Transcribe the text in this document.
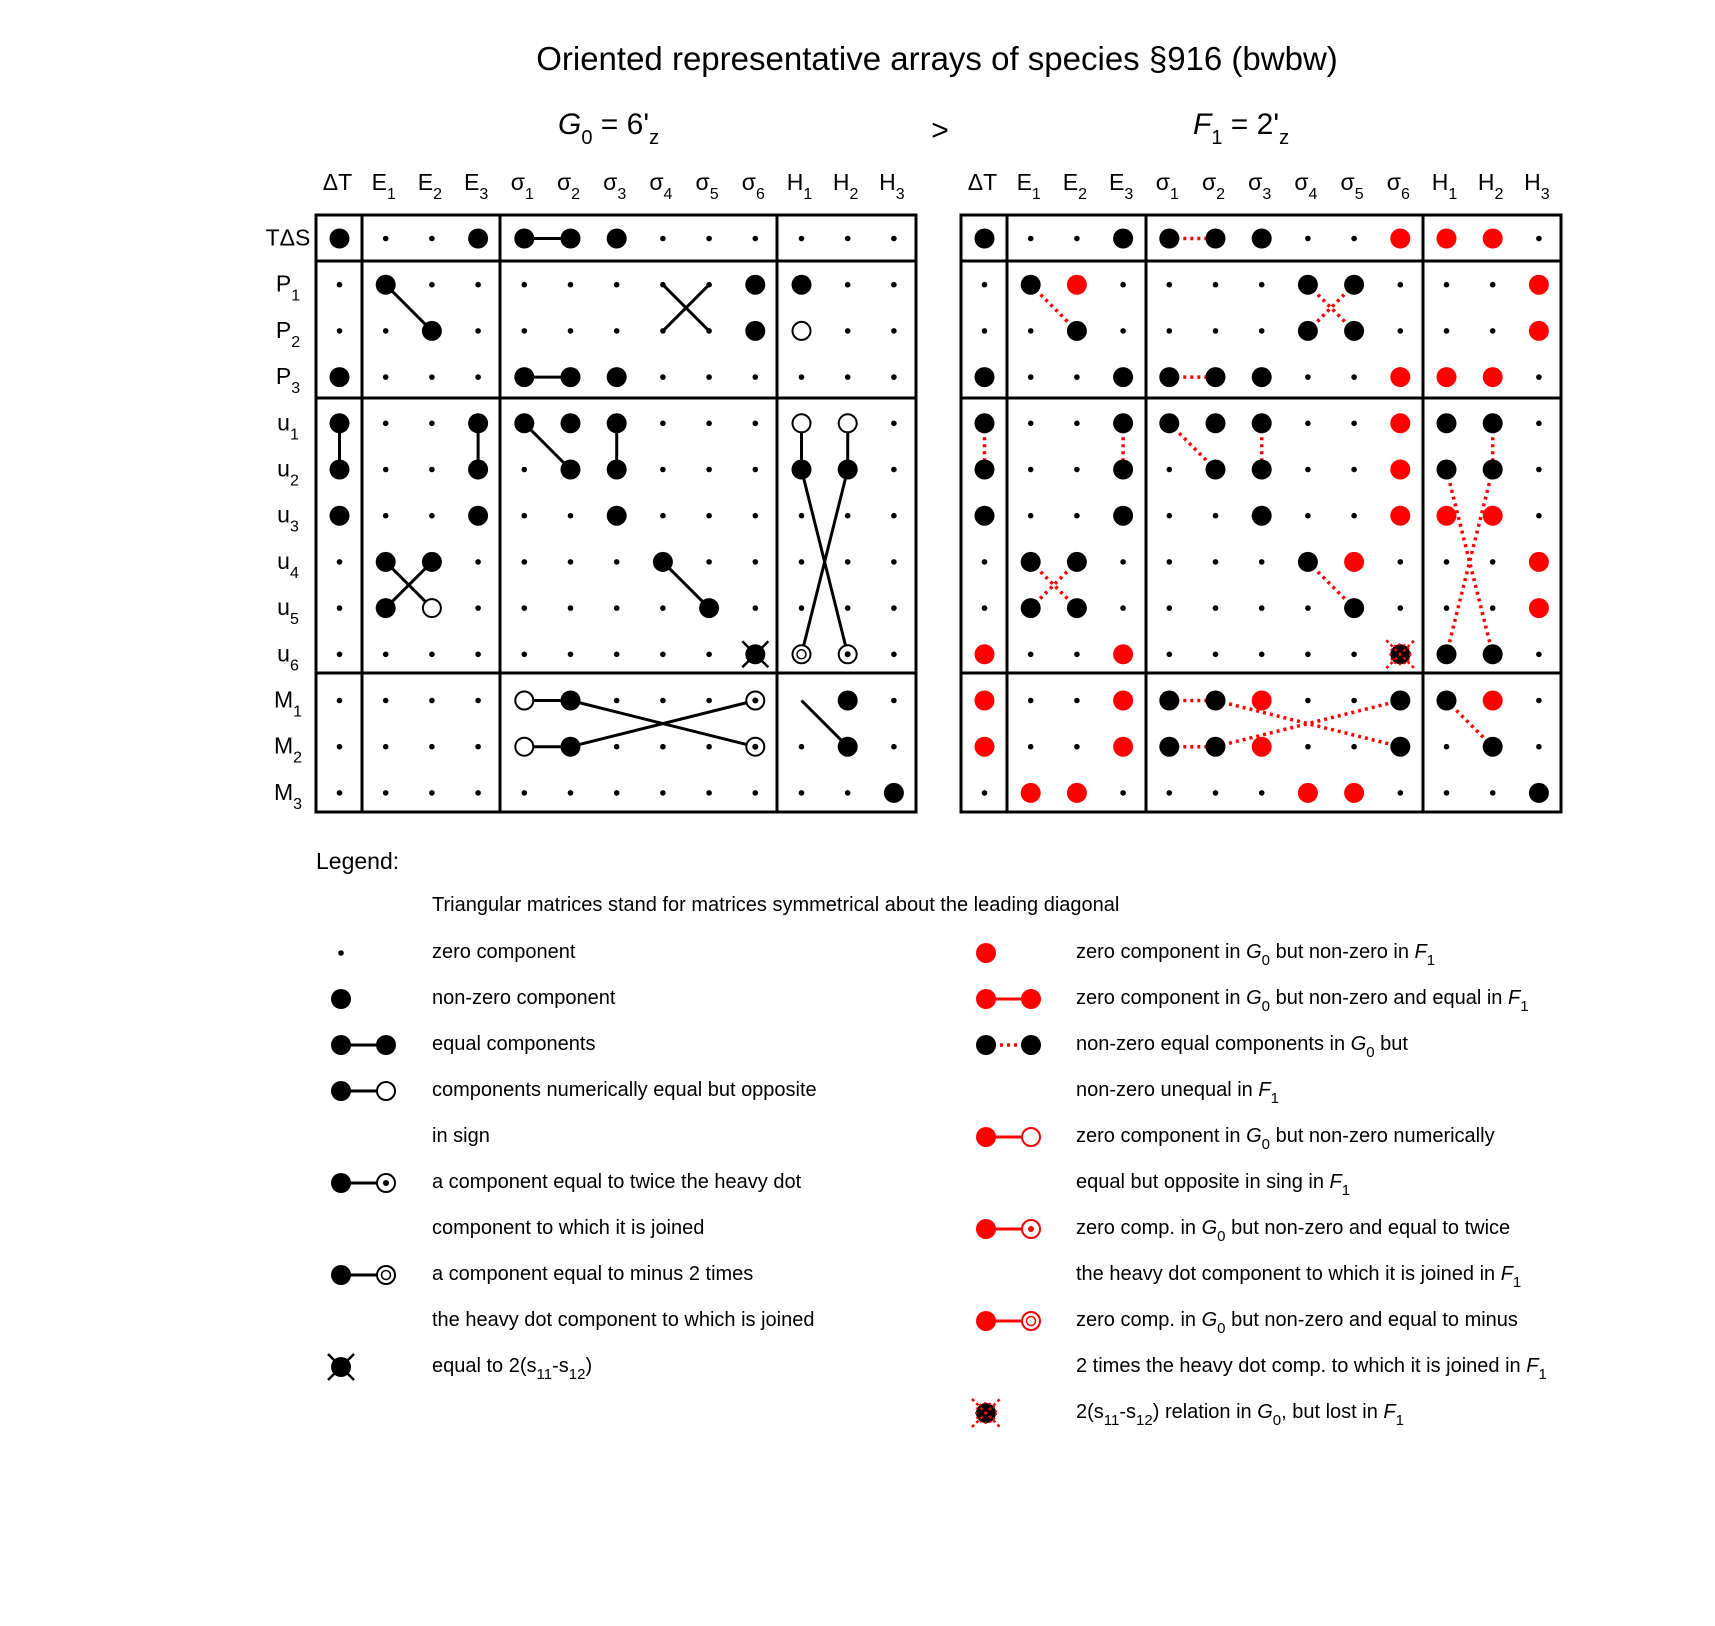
Oriented representative arrays of species §916 (bwbw)
>
$G_0 = 6'_z$	$F_1 = 2'_z$
TΔS
$P_1$
$P_2$
$P_3$
$u_1$
$u_2$
$u_3$
$u_4$
$u_5$
$u_6$
$M_1$
$M_2$
$M_3$
ΔT $E_1$ $E_2$ $E_3$ $\sigma_1$ $\sigma_2$ $\sigma_3$ $\sigma_4$ $\sigma_5$ $\sigma_6$ $H_1$ $H_2$ $H_3$	ΔT $E_1$ $E_2$ $E_3$ $\sigma_1$ $\sigma_2$ $\sigma_3$ $\sigma_4$ $\sigma_5$ $\sigma_6$ $H_1$ $H_2$ $H_3$
Legend:
Triangular matrices stand for matrices symmetrical about the leading diagonal
zero component
non-zero component
equal components
components numerically equal but opposite
in sign
a component equal to twice the heavy dot
component to which it is joined
a component equal to minus 2 times
the heavy dot component to which is joined
equal to $2(s_{11}-s_{12})$
zero component in $G_0$ but non-zero in $F_1$
zero component in $G_0$ but non-zero and equal in $F_1$
non-zero equal components in $G_0$ but
non-zero unequal in $F_1$
zero component in $G_0$ but non-zero numerically
equal but opposite in sing in $F_1$
zero comp. in $G_0$ but non-zero and equal to twice
the heavy dot component to which it is joined in $F_1$
zero comp. in $G_0$ but non-zero and equal to minus
2 times the heavy dot comp. to which it is joined in $F_1$
$2(s_{11}-s_{12})$ relation in $G_0$, but lost in $F_1$
